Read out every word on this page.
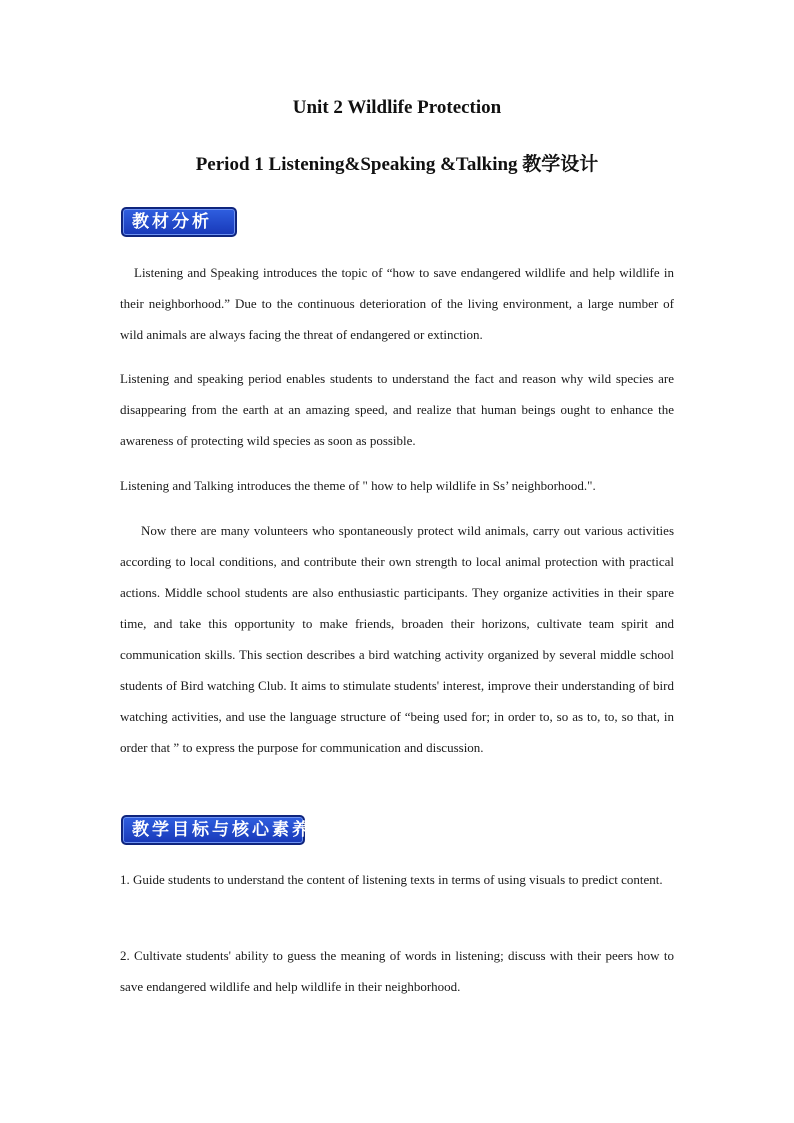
Unit 2 Wildlife Protection
Period 1 Listening&Speaking &Talking 教学设计
教材分析

Listening and Speaking introduces the topic of “how to save endangered wildlife and help wildlife in their neighborhood.” Due to the continuous deterioration of the living environment, a large number of wild animals are always facing the threat of endangered or extinction.

Listening and speaking period enables students to understand the fact and reason why wild species are disappearing from the earth at an amazing speed, and realize that human beings ought to enhance the awareness of protecting wild species as soon as possible.

Listening and Talking introduces the theme of " how to help wildlife in Ss’ neighborhood.".

Now there are many volunteers who spontaneously protect wild animals, carry out various activities according to local conditions, and contribute their own strength to local animal protection with practical actions. Middle school students are also enthusiastic participants. They organize activities in their spare time, and take this opportunity to make friends, broaden their horizons, cultivate team spirit and communication skills. This section describes a bird watching activity organized by several middle school students of Bird watching Club. It aims to stimulate students' interest, improve their understanding of bird watching activities, and use the language structure of “being used for; in order to, so as to, to, so that, in order that ” to express the purpose for communication and discussion.

教学目标与核心素养

1. Guide students to understand the content of listening texts in terms of using visuals to predict content.

2. Cultivate students' ability to guess the meaning of words in listening; discuss with their peers how to save endangered wildlife and help wildlife in their neighborhood.
